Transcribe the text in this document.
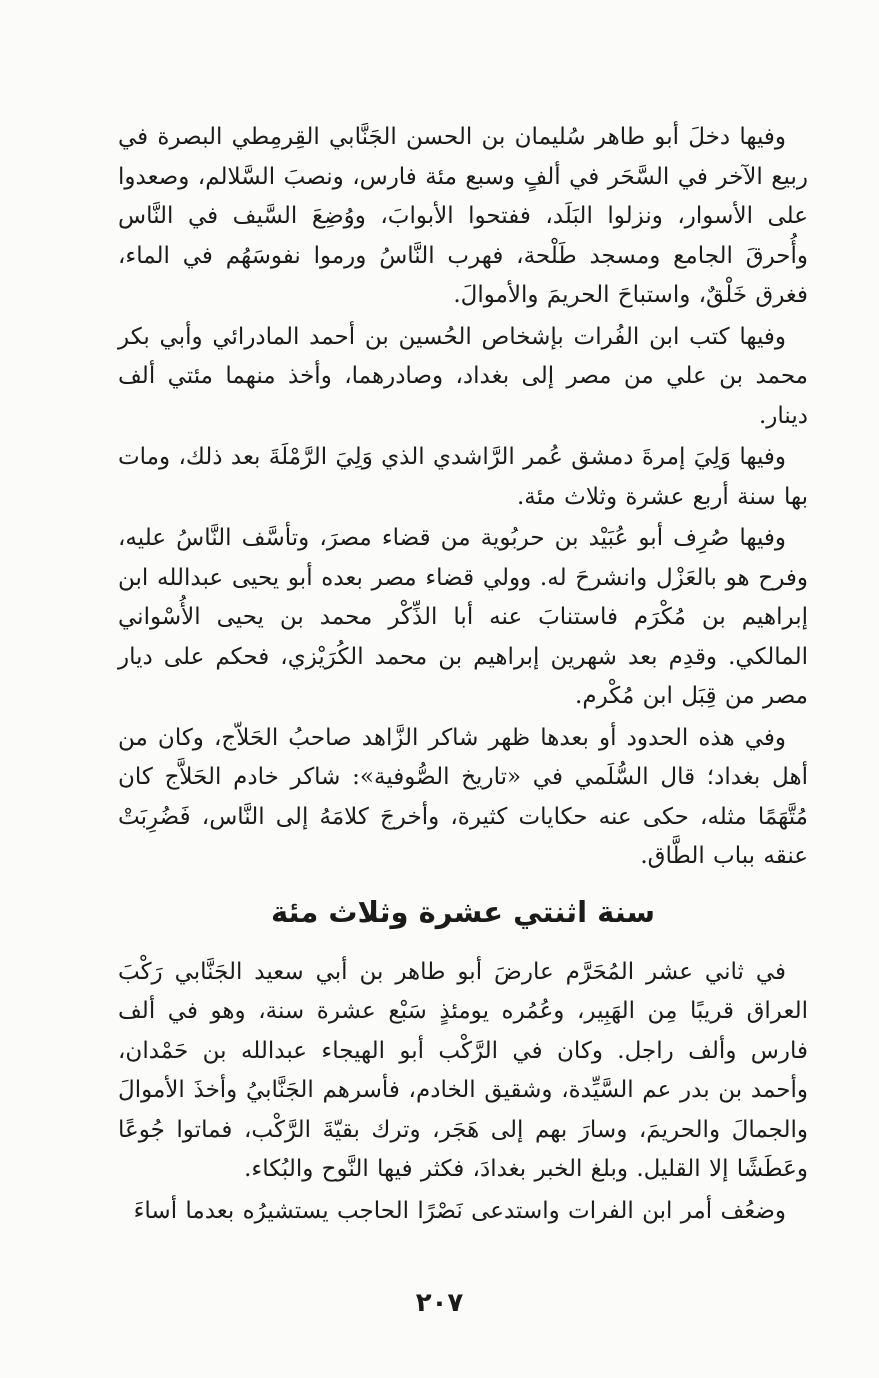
وفيها دخلَ أبو طاهر سُليمان بن الحسن الجَنَّابي القِرمِطي البصرة في ربيع الآخر في السَّحَر في ألفٍ وسبع مئة فارس، ونصبَ السَّلالم، وصعدوا على الأسوار، ونزلوا البَلَد، ففتحوا الأبوابَ، ووُضِعَ السَّيف في النَّاس وأُحرقَ الجامع ومسجد طَلْحة، فهرب النَّاسُ ورموا نفوسَهُم في الماء، فغرق خَلْقٌ، واستباحَ الحريمَ والأموالَ.

وفيها كتب ابن الفُرات بإشخاص الحُسين بن أحمد المادرائي وأبي بكر محمد بن علي من مصر إلى بغداد، وصادرهما، وأخذ منهما مئتي ألف دينار.

وفيها وَلِيَ إمرةَ دمشق عُمر الرَّاشدي الذي وَلِيَ الرَّمْلَةَ بعد ذلك، ومات بها سنة أربع عشرة وثلاث مئة.

وفيها صُرِف أبو عُبَيْد بن حربُوية من قضاء مصرَ، وتأسَّف النَّاسُ عليه، وفرح هو بالعَزْل وانشرحَ له. وولي قضاء مصر بعده أبو يحيى عبدالله ابن إبراهيم بن مُكْرَم فاستنابَ عنه أبا الذِّكْر محمد بن يحيى الأُسْواني المالكي. وقدِم بعد شهرين إبراهيم بن محمد الكُرَيْزي، فحكم على ديار مصر من قِبَل ابن مُكْرم.

وفي هذه الحدود أو بعدها ظهر شاكر الزَّاهد صاحبُ الحَلاّج، وكان من أهل بغداد؛ قال السُّلَمي في «تاريخ الصُّوفية»: شاكر خادم الحَلاَّج كان مُتَّهَمًا مثله، حكى عنه حكايات كثيرة، وأخرجَ كلامَهُ إلى النَّاس، فَضُرِبَتْ عنقه بباب الطَّاق.

سنة اثنتي عشرة وثلاث مئة

في ثاني عشر المُحَرَّم عارضَ أبو طاهر بن أبي سعيد الجَنَّابي رَكْبَ العراق قريبًا مِن الهَبِير، وعُمُره يومئذٍ سَبْع عشرة سنة، وهو في ألف فارس وألف راجل. وكان في الرَّكْب أبو الهيجاء عبدالله بن حَمْدان، وأحمد بن بدر عم السَّيِّدة، وشقيق الخادم، فأسرهم الجَنَّابيُ وأخذَ الأموالَ والجمالَ والحريمَ، وسارَ بهم إلى هَجَر، وترك بقيّةَ الرَّكْب، فماتوا جُوعًا وعَطَشًا إلا القليل. وبلغ الخبر بغدادَ، فكثر فيها النَّوح والبُكاء.

وضعُف أمر ابن الفرات واستدعى نَصْرًا الحاجب يستشيرُه بعدما أساءَ

٢٠٧
